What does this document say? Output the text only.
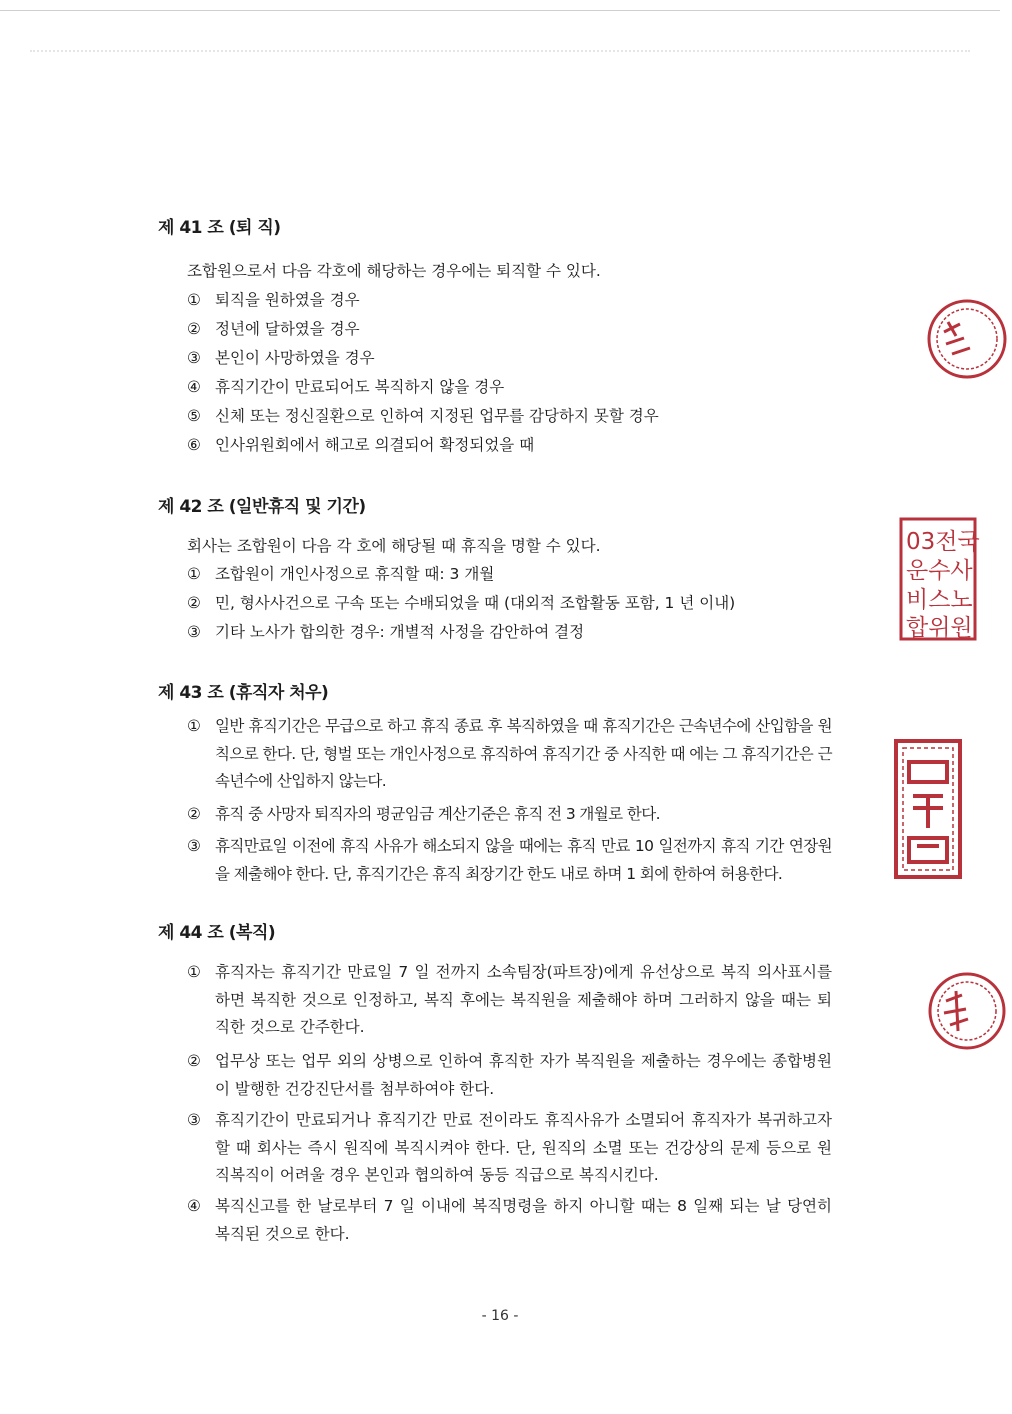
제 41 조 (퇴 직)
조합원으로서 다음 각호에 해당하는 경우에는 퇴직할 수 있다.
① 퇴직을 원하였을 경우
② 정년에 달하였을 경우
③ 본인이 사망하였을 경우
④ 휴직기간이 만료되어도 복직하지 않을 경우
⑤ 신체 또는 정신질환으로 인하여 지정된 업무를 감당하지 못할 경우
⑥ 인사위원회에서 해고로 의결되어 확정되었을 때
제 42 조 (일반휴직 및 기간)
회사는 조합원이 다음 각 호에 해당될 때 휴직을 명할 수 있다.
① 조합원이 개인사정으로 휴직할 때: 3 개월
② 민, 형사사건으로 구속 또는 수배되었을 때 (대외적 조합활동 포함, 1 년 이내)
③ 기타 노사가 합의한 경우: 개별적 사정을 감안하여 결정
제 43 조 (휴직자 처우)
① 일반 휴직기간은 무급으로 하고 휴직 종료 후 복직하였을 때 휴직기간은 근속년수에 산입함을 원칙으로 한다. 단, 형벌 또는 개인사정으로 휴직하여 휴직기간 중 사직한 때 에는 그 휴직기간은 근속년수에 산입하지 않는다.
② 휴직 중 사망자 퇴직자의 평균임금 계산기준은 휴직 전 3 개월로 한다.
③ 휴직만료일 이전에 휴직 사유가 해소되지 않을 때에는 휴직 만료 10 일전까지 휴직 기간 연장원을 제출해야 한다. 단, 휴직기간은 휴직 최장기간 한도 내로 하며 1 회에 한하여 허용한다.
제 44 조 (복직)
① 휴직자는 휴직기간 만료일 7 일 전까지 소속팀장(파트장)에게 유선상으로 복직 의사표시를 하면 복직한 것으로 인정하고, 복직 후에는 복직원을 제출해야 하며 그러하지 않을 때는 퇴직한 것으로 간주한다.
② 업무상 또는 업무 외의 상병으로 인하여 휴직한 자가 복직원을 제출하는 경우에는 종합병원이 발행한 건강진단서를 첨부하여야 한다.
③ 휴직기간이 만료되거나 휴직기간 만료 전이라도 휴직사유가 소멸되어 휴직자가 복귀하고자 할 때 회사는 즉시 원직에 복직시켜야 한다. 단, 원직의 소멸 또는 건강상의 문제 등으로 원직복직이 어려울 경우 본인과 협의하여 동등 직급으로 복직시킨다.
④ 복직신고를 한 날로부터 7 일 이내에 복직명령을 하지 아니할 때는 8 일째 되는 날 당연히 복직된 것으로 한다.
- 16 -
03전국
운수사
비스노
합위원
